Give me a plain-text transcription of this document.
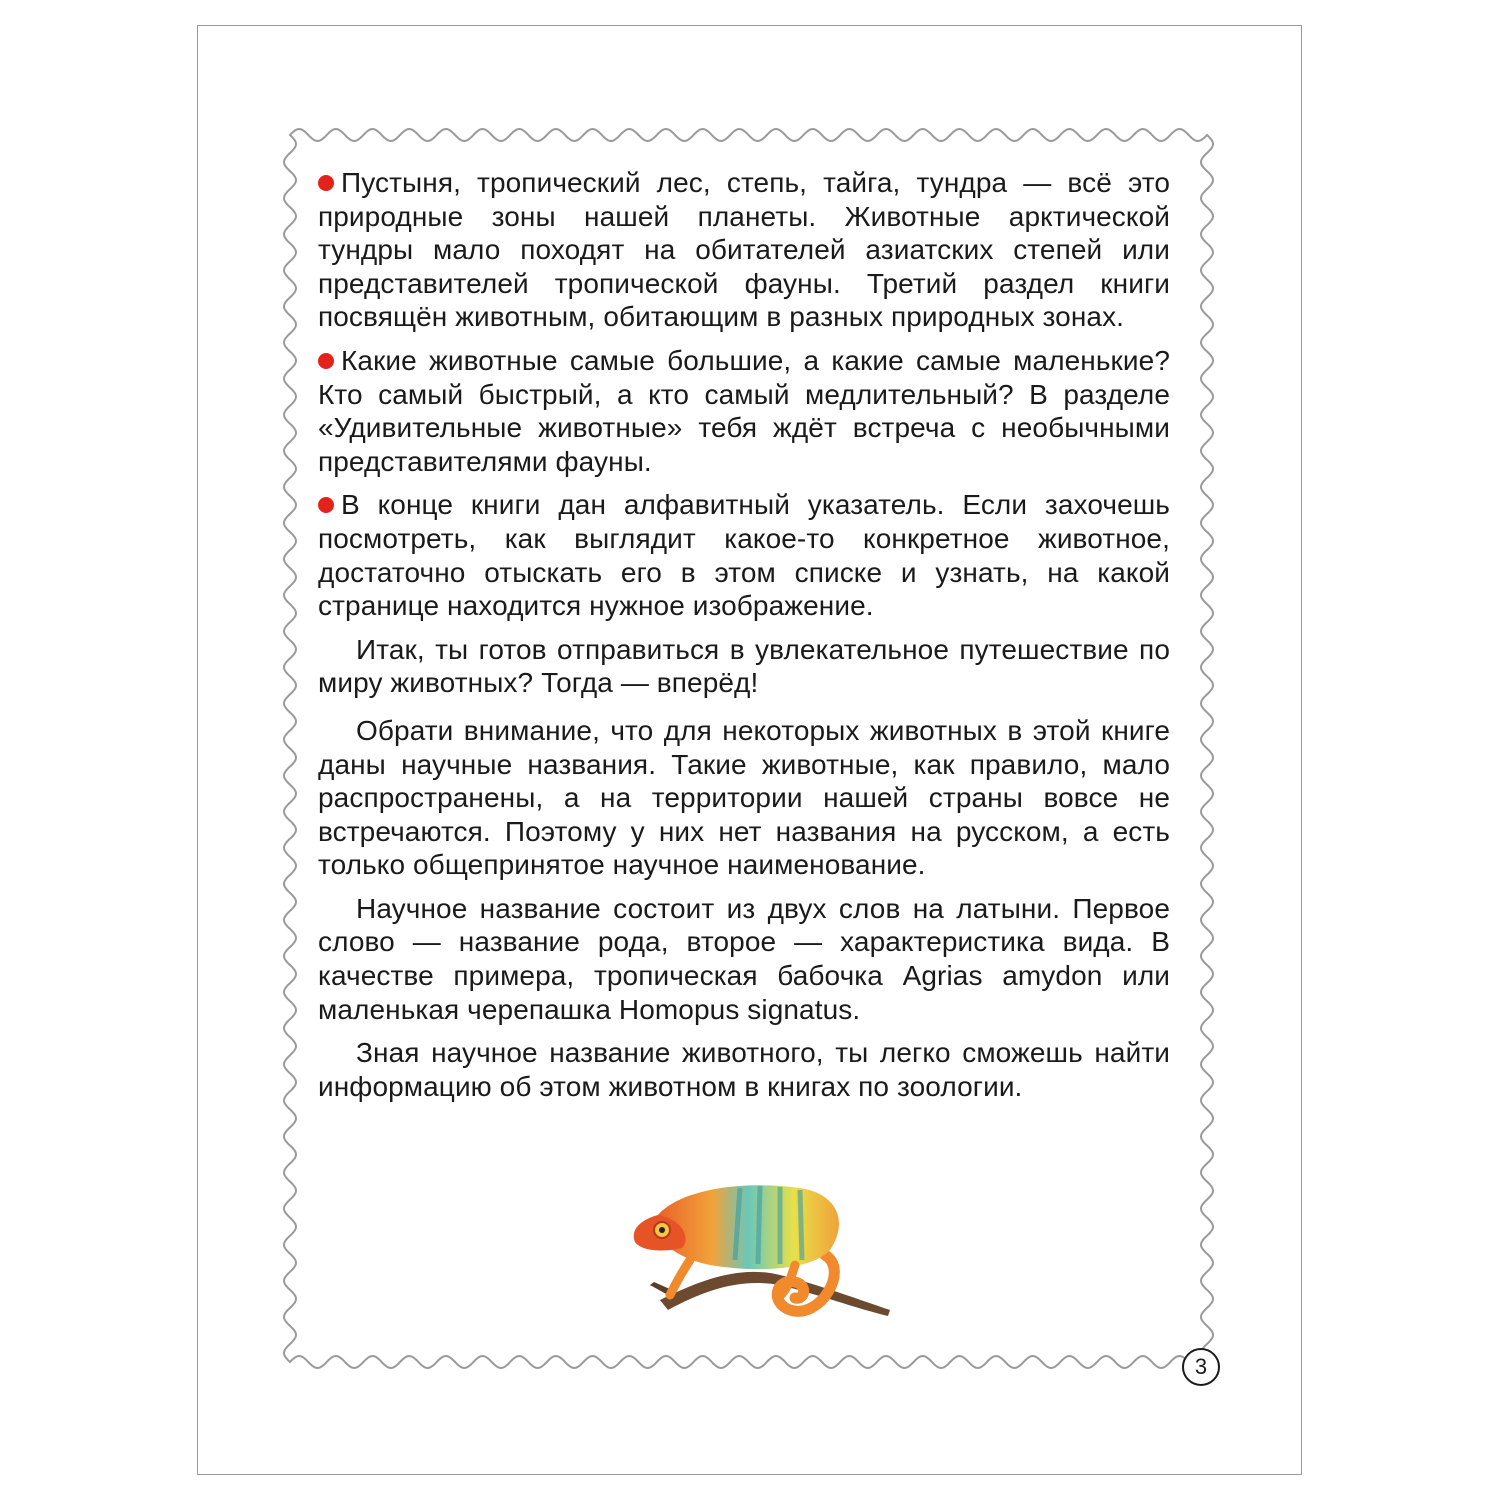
Пустыня, тропический лес, степь, тайга, тундра — всё это природные зоны нашей планеты. Животные арктической тундры мало походят на обитателей азиатских степей или представителей тропической фауны. Третий раздел книги посвящён животным, обитающим в разных природных зонах.

Какие животные самые большие, а какие самые маленькие? Кто самый быстрый, а кто самый медлительный? В разделе «Удивительные животные» тебя ждёт встреча с необычными представителями фауны.

В конце книги дан алфавитный указатель. Если захочешь посмотреть, как выглядит какое-то конкретное животное, достаточно отыскать его в этом списке и узнать, на какой странице находится нужное изображение.

Итак, ты готов отправиться в увлекательное путешествие по миру животных? Тогда — вперёд!

Обрати внимание, что для некоторых животных в этой книге даны научные названия. Такие животные, как правило, мало распространены, а на территории нашей страны вовсе не встречаются. Поэтому у них нет названия на русском, а есть только общепринятое научное наименование.

Научное название состоит из двух слов на латыни. Первое слово — название рода, второе — характеристика вида. В качестве примера, тропическая бабочка Agrias amydon или маленькая черепашка Homopus signatus.

Зная научное название животного, ты легко сможешь найти информацию об этом животном в книгах по зоологии.

3
